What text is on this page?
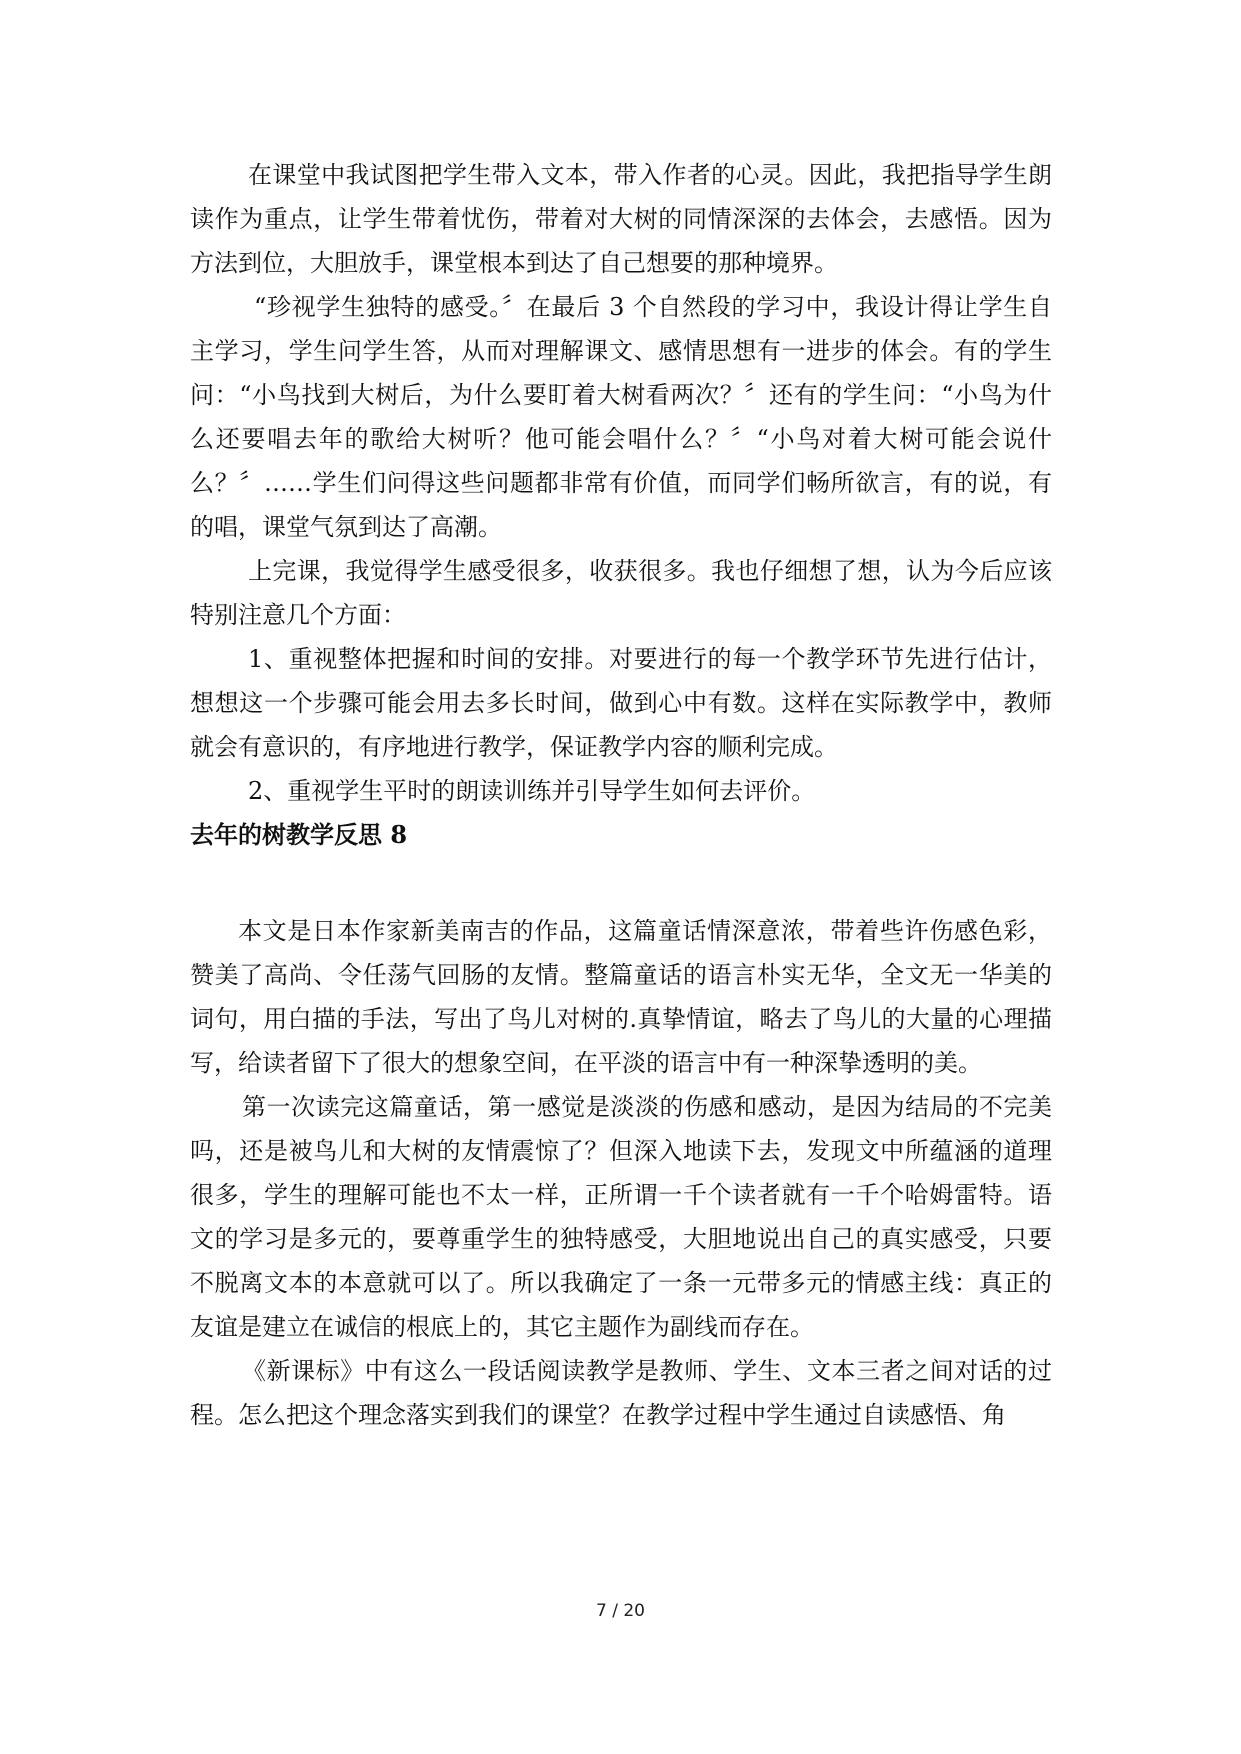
在课堂中我试图把学生带入文本，带入作者的心灵。因此，我把指导学生朗读作为重点，让学生带着忧伤，带着对大树的同情深深的去体会，去感悟。因为方法到位，大胆放手，课堂根本到达了自己想要的那种境界。

“珍视学生独特的感受。〞在最后 3 个自然段的学习中，我设计得让学生自主学习，学生问学生答，从而对理解课文、感情思想有一进步的体会。有的学生问：“小鸟找到大树后，为什么要盯着大树看两次？〞还有的学生问：“小鸟为什么还要唱去年的歌给大树听？他可能会唱什么？〞“小鸟对着大树可能会说什么？〞……学生们问得这些问题都非常有价值，而同学们畅所欲言，有的说，有的唱，课堂气氛到达了高潮。

上完课，我觉得学生感受很多，收获很多。我也仔细想了想，认为今后应该特别注意几个方面：

1、重视整体把握和时间的安排。对要进行的每一个教学环节先进行估计，想想这一个步骤可能会用去多长时间，做到心中有数。这样在实际教学中，教师就会有意识的，有序地进行教学，保证教学内容的顺利完成。

2、重视学生平时的朗读训练并引导学生如何去评价。

去年的树教学反思 8

本文是日本作家新美南吉的作品，这篇童话情深意浓，带着些许伤感色彩，赞美了高尚、令任荡气回肠的友情。整篇童话的语言朴实无华，全文无一华美的词句，用白描的手法，写出了鸟儿对树的.真挚情谊，略去了鸟儿的大量的心理描写，给读者留下了很大的想象空间，在平淡的语言中有一种深挚透明的美。

第一次读完这篇童话，第一感觉是淡淡的伤感和感动，是因为结局的不完美吗，还是被鸟儿和大树的友情震惊了？但深入地读下去，发现文中所蕴涵的道理很多，学生的理解可能也不太一样，正所谓一千个读者就有一千个哈姆雷特。语文的学习是多元的，要尊重学生的独特感受，大胆地说出自己的真实感受，只要不脱离文本的本意就可以了。所以我确定了一条一元带多元的情感主线：真正的友谊是建立在诚信的根底上的，其它主题作为副线而存在。

《新课标》中有这么一段话阅读教学是教师、学生、文本三者之间对话的过程。怎么把这个理念落实到我们的课堂？在教学过程中学生通过自读感悟、角

7 / 20
